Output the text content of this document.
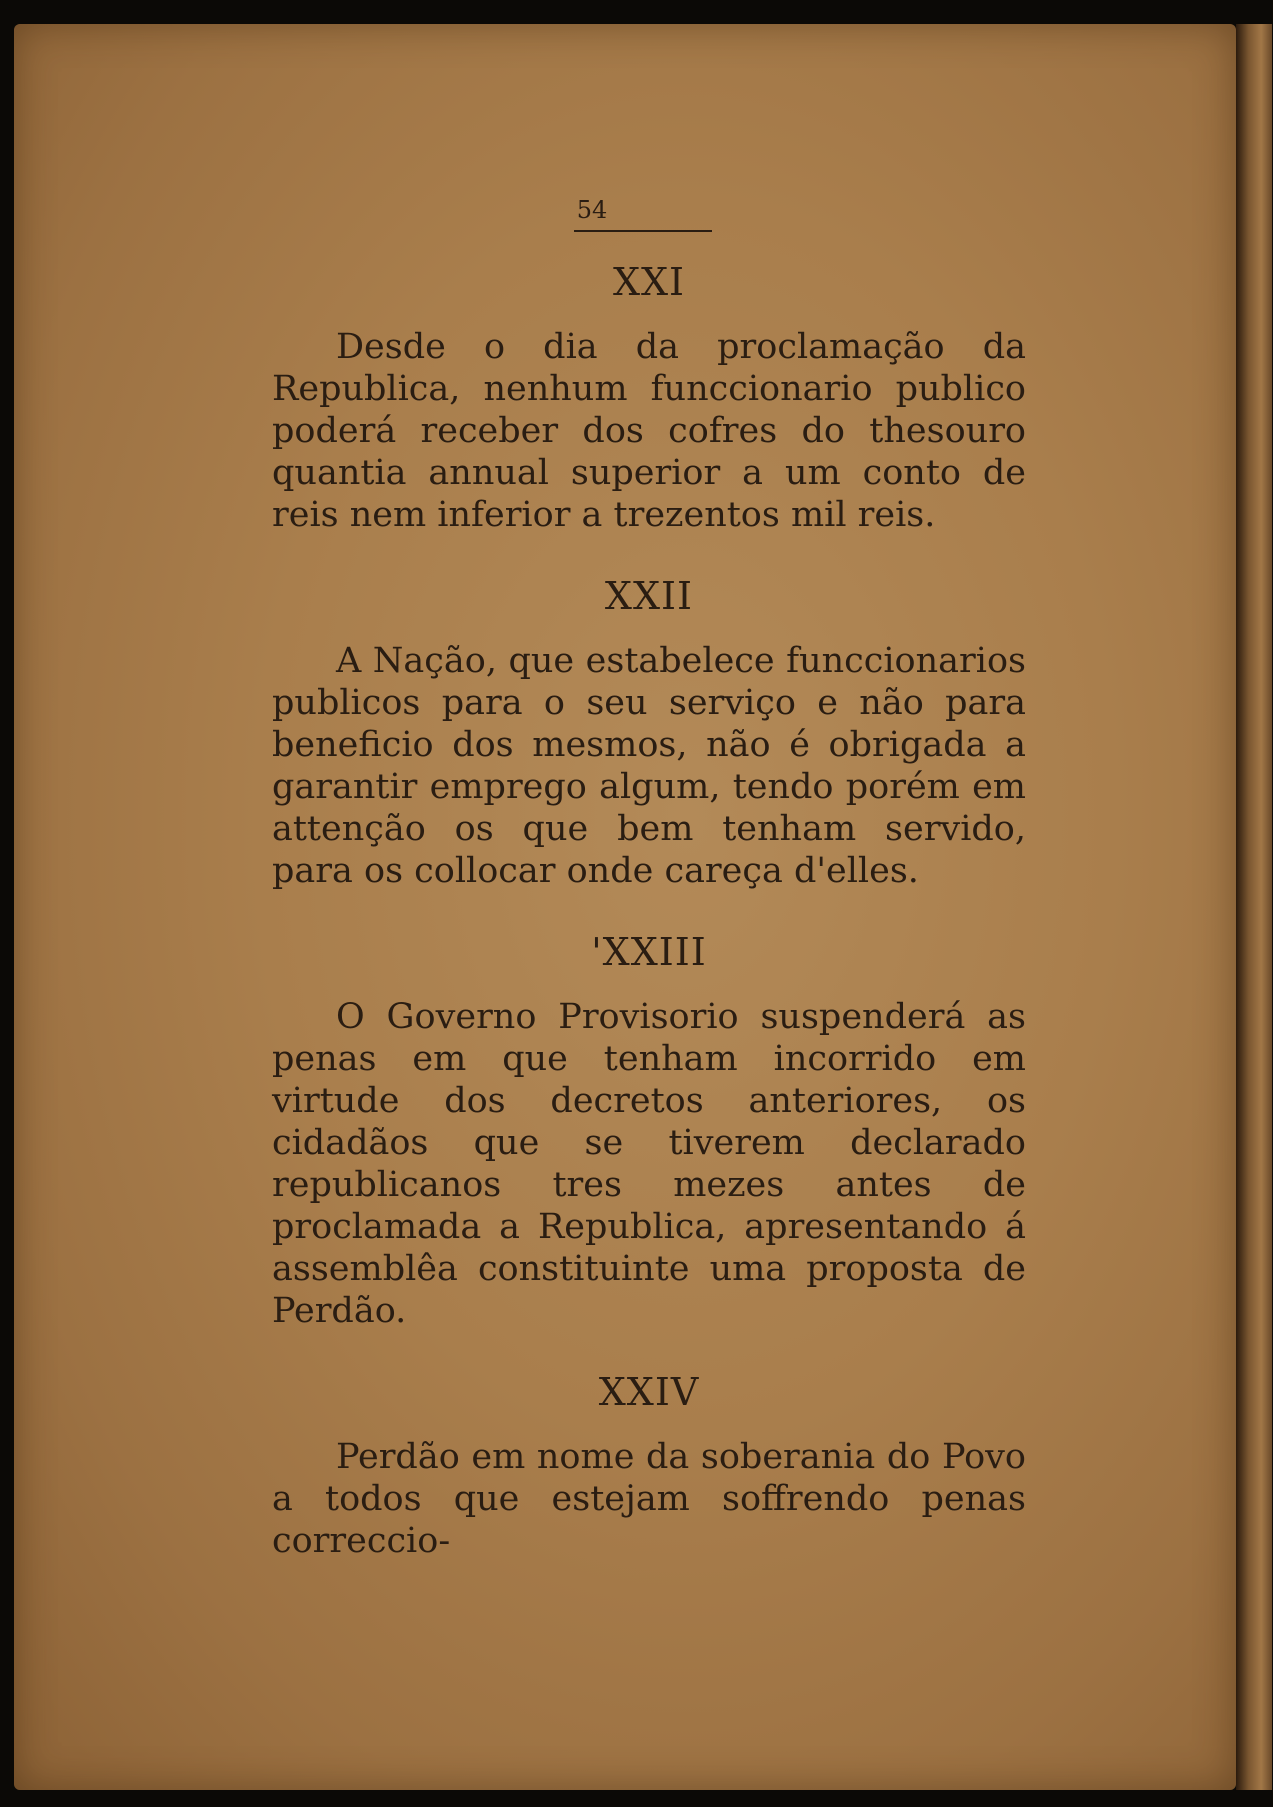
54
XXI

Desde o dia da proclamação da Republica, nenhum funccionario publico poderá receber dos cofres do thesouro quantia annual superior a um conto de reis nem inferior a trezentos mil reis.

XXII

A Nação, que estabelece funccionarios publicos para o seu serviço e não para beneficio dos mesmos, não é obrigada a garantir emprego algum, tendo porém em attenção os que bem tenham servido, para os collocar onde careça d'elles.

'XXIII

O Governo Provisorio suspenderá as penas em que tenham incorrido em virtude dos decretos anteriores, os cidadãos que se tiverem declarado republicanos tres mezes antes de proclamada a Republica, apresentando á assemblêa constituinte uma proposta de Perdão.

XXIV

Perdão em nome da soberania do Povo a todos que estejam soffrendo penas correccio-
